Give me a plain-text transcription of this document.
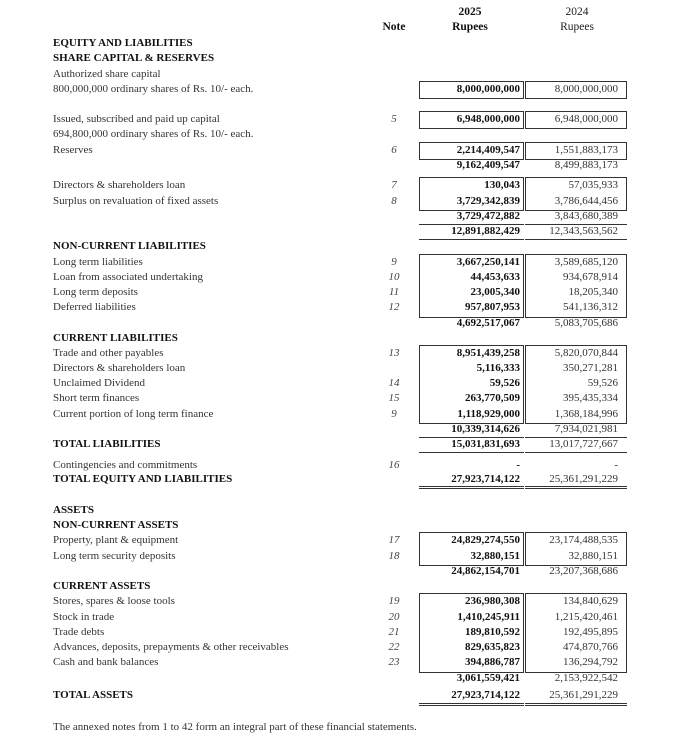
2025	2024
Note	Rupees	Rupees
EQUITY AND LIABILITIES
SHARE CAPITAL & RESERVES
Authorized share capital
800,000,000 ordinary shares of Rs. 10/- each.	8,000,000,000	8,000,000,000
Issued, subscribed and paid up capital	5	6,948,000,000	6,948,000,000
694,800,000 ordinary shares of Rs. 10/- each.
Reserves	6	2,214,409,547	1,551,883,173
9,162,409,547	8,499,883,173
Directors & shareholders loan	7	130,043	57,035,933
Surplus on revaluation of fixed assets	8	3,729,342,839	3,786,644,456
3,729,472,882	3,843,680,389
12,891,882,429	12,343,563,562
NON-CURRENT LIABILITIES
Long term liabilities	9	3,667,250,141	3,589,685,120
Loan from associated undertaking	10	44,453,633	934,678,914
Long term deposits	11	23,005,340	18,205,340
Deferred liabilities	12	957,807,953	541,136,312
4,692,517,067	5,083,705,686
CURRENT LIABILITIES
Trade and other payables	13	8,951,439,258	5,820,070,844
Directors & shareholders loan	5,116,333	350,271,281
Unclaimed Dividend	14	59,526	59,526
Short term finances	15	263,770,509	395,435,334
Current portion of long term finance	9	1,118,929,000	1,368,184,996
10,339,314,626	7,934,021,981
TOTAL LIABILITIES	15,031,831,693	13,017,727,667
Contingencies and commitments	16	-	-
TOTAL EQUITY AND LIABILITIES	27,923,714,122	25,361,291,229
ASSETS
NON-CURRENT ASSETS
Property, plant & equipment	17	24,829,274,550	23,174,488,535
Long term security deposits	18	32,880,151	32,880,151
24,862,154,701	23,207,368,686
CURRENT ASSETS
Stores, spares & loose tools	19	236,980,308	134,840,629
Stock in trade	20	1,410,245,911	1,215,420,461
Trade debts	21	189,810,592	192,495,895
Advances, deposits, prepayments & other receivables	22	829,635,823	474,870,766
Cash and bank balances	23	394,886,787	136,294,792
3,061,559,421	2,153,922,542
TOTAL ASSETS	27,923,714,122	25,361,291,229
The annexed notes from 1 to 42 form an integral part of these financial statements.
